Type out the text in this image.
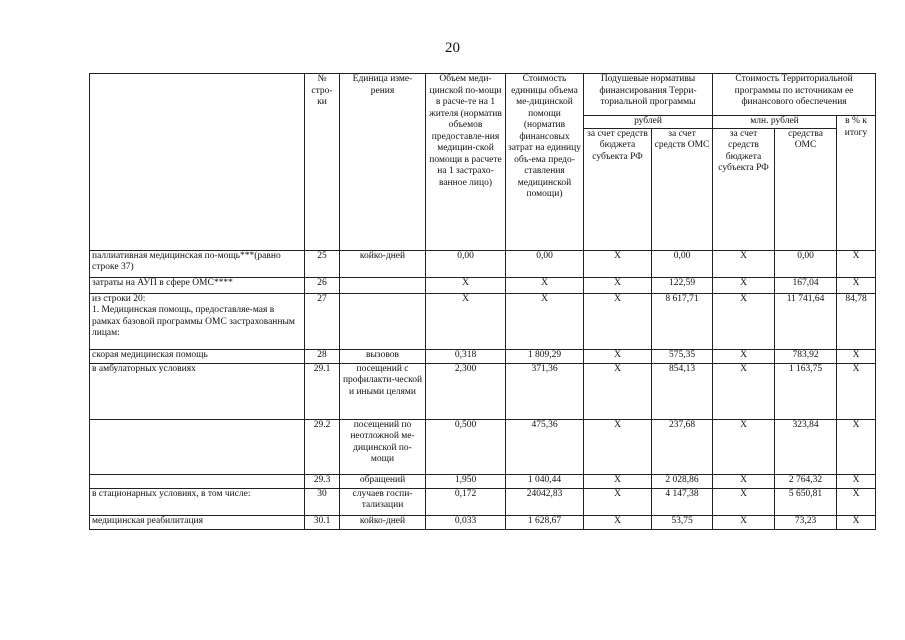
20
	№ стро-ки	Единица изме-рения	Объем меди-цинской по-мощи в расче-те на 1 жителя (норматив объемов предоставле-ния медицин-ской помощи в расчете на 1 застрахо-ванное лицо)	Стоимость единицы объема ме-дицинской помощи (норматив финансовых затрат на единицу объ-ема предо-ставления медицинской помощи)	Подушевые нормативы финансирования Терри-ториальной программы		Стоимость Территориальной программы по источникам ее финансового обеспечения		
					рублей		млн. рублей		в % к итогу
					за счет средств бюджета субъекта РФ	за счет средств ОМС	за счет средств бюджета субъекта РФ	средства ОМС	
паллиативная медицинская по-мощь***(равно строке 37)	25	койко-дней	0,00	0,00	X	0,00	X	0,00	X
затраты на АУП в сфере ОМС****	26		X	X	X	122,59	X	167,04	X
из строки 20:
1. Медицинская помощь, предоставляе-мая в рамках базовой программы ОМС застрахованным лицам:	27		X	X	X	8 617,71	X	11 741,64	84,78
скорая медицинская помощь	28	вызовов	0,318	1 809,29	X	575,35	X	783,92	X
в амбулаторных условиях	29.1	посещений с профилакти-ческой и иными целями	2,300	371,36	X	854,13	X	1 163,75	X
	29.2	посещений по неотложной ме-дицинской по-мощи	0,500	475,36	X	237,68	X	323,84	X
	29.3	обращений	1,950	1 040,44	X	2 028,86	X	2 764,32	X
в стационарных условиях, в том числе:	30	случаев госпи-тализации	0,172	24042,83	X	4 147,38	X	5 650,81	X
медицинская реабилитация	30.1	койко-дней	0,033	1 628,67	X	53,75	X	73,23	X
